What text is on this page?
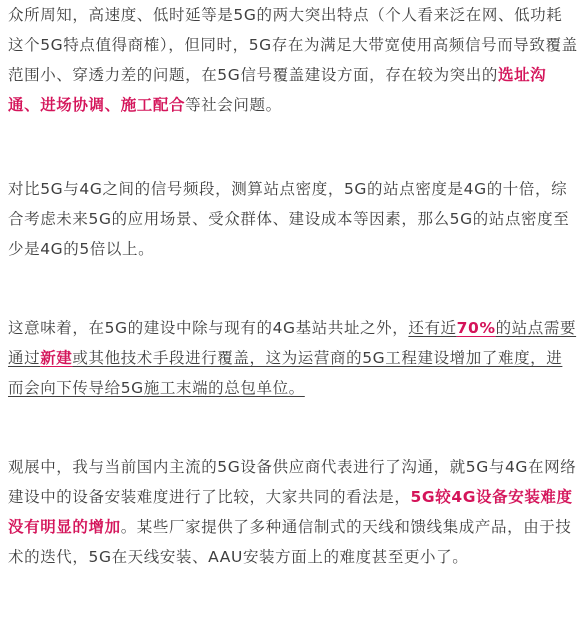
众所周知，高速度、低时延等是5G的两大突出特点（个人看来泛在网、低功耗这个5G特点值得商榷），但同时，5G存在为满足大带宽使用高频信号而导致覆盖范围小、穿透力差的问题，在5G信号覆盖建设方面，存在较为突出的选址沟通、进场协调、施工配合等社会问题。

对比5G与4G之间的信号频段，测算站点密度，5G的站点密度是4G的十倍，综合考虑未来5G的应用场景、受众群体、建设成本等因素，那么5G的站点密度至少是4G的5倍以上。

这意味着，在5G的建设中除与现有的4G基站共址之外，还有近70%的站点需要通过新建或其他技术手段进行覆盖，这为运营商的5G工程建设增加了难度，进而会向下传导给5G施工末端的总包单位。

观展中，我与当前国内主流的5G设备供应商代表进行了沟通，就5G与4G在网络建设中的设备安装难度进行了比较，大家共同的看法是，5G较4G设备安装难度没有明显的增加。某些厂家提供了多种通信制式的天线和馈线集成产品，由于技术的迭代，5G在天线安装、AAU安装方面上的难度甚至更小了。
